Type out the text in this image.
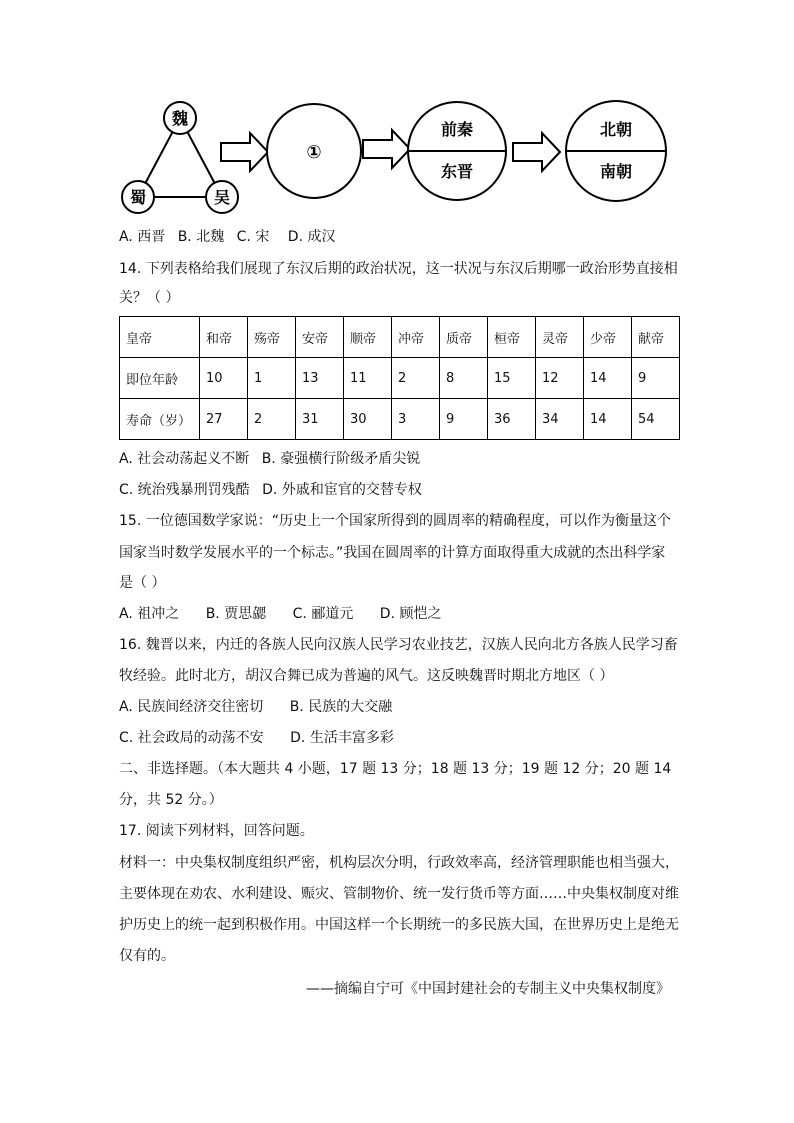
魏
蜀	吴
①
前秦
东晋
北朝
南朝
A. 西晋 B. 北魏 C. 宋 D. 成汉
14. 下列表格给我们展现了东汉后期的政治状况，这一状况与东汉后期哪一政治形势直接相
关？（ ）
皇帝	和帝	殇帝	安帝	顺帝	冲帝	质帝	桓帝	灵帝	少帝	献帝
即位年龄	10	1	13	11	2	8	15	12	14	9
寿命（岁）	27	2	31	30	3	9	36	34	14	54
A. 社会动荡起义不断 B. 豪强横行阶级矛盾尖锐
C. 统治残暴刑罚残酷 D. 外戚和宦官的交替专权
15. 一位德国数学家说：“历史上一个国家所得到的圆周率的精确程度，可以作为衡量这个
国家当时数学发展水平的一个标志。”我国在圆周率的计算方面取得重大成就的杰出科学家
是（ ）
A. 祖冲之 B. 贾思勰 C. 郦道元 D. 顾恺之
16. 魏晋以来，内迁的各族人民向汉族人民学习农业技艺，汉族人民向北方各族人民学习畜
牧经验。此时北方，胡汉合舞已成为普遍的风气。这反映魏晋时期北方地区（ ）
A. 民族间经济交往密切 B. 民族的大交融
C. 社会政局的动荡不安 D. 生活丰富多彩
二、非选择题。（本大题共 4 小题，17 题 13 分；18 题 13 分；19 题 12 分；20 题 14
分，共 52 分。）
17. 阅读下列材料，回答问题。
材料一：中央集权制度组织严密，机构层次分明，行政效率高，经济管理职能也相当强大，
主要体现在劝农、水利建设、赈灾、管制物价、统一发行货币等方面……中央集权制度对维
护历史上的统一起到积极作用。中国这样一个长期统一的多民族大国，在世界历史上是绝无
仅有的。
——摘编自宁可《中国封建社会的专制主义中央集权制度》
